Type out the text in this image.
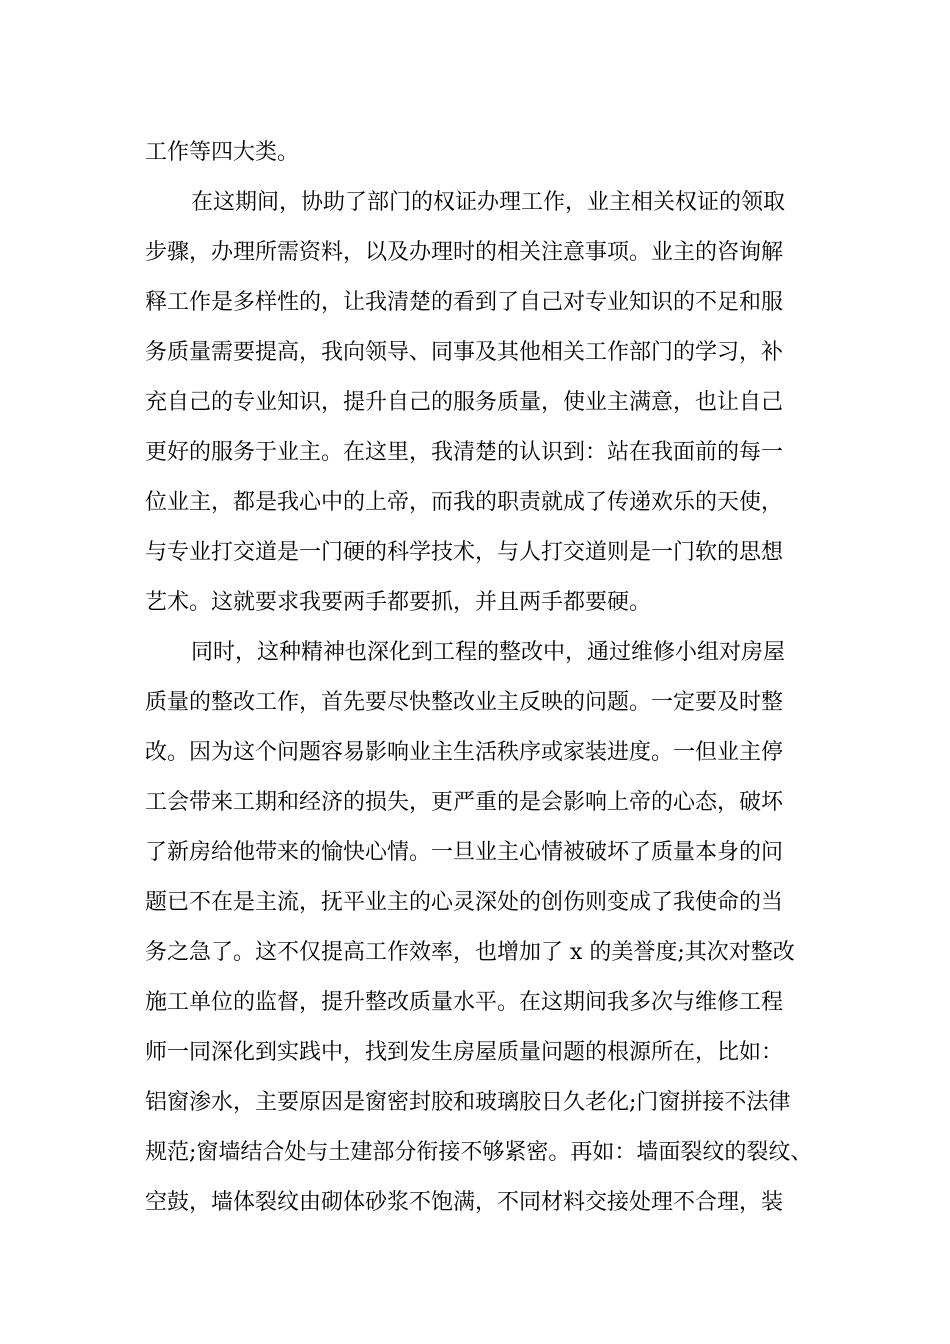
工作等四大类。
在这期间，协助了部门的权证办理工作，业主相关权证的领取
步骤，办理所需资料，以及办理时的相关注意事项。业主的咨询解
释工作是多样性的，让我清楚的看到了自己对专业知识的不足和服
务质量需要提高，我向领导、同事及其他相关工作部门的学习，补
充自己的专业知识，提升自己的服务质量，使业主满意，也让自己
更好的服务于业主。在这里，我清楚的认识到：站在我面前的每一
位业主，都是我心中的上帝，而我的职责就成了传递欢乐的天使，
与专业打交道是一门硬的科学技术，与人打交道则是一门软的思想
艺术。这就要求我要两手都要抓，并且两手都要硬。
同时，这种精神也深化到工程的整改中，通过维修小组对房屋
质量的整改工作，首先要尽快整改业主反映的问题。一定要及时整
改。因为这个问题容易影响业主生活秩序或家装进度。一但业主停
工会带来工期和经济的损失，更严重的是会影响上帝的心态，破坏
了新房给他带来的愉快心情。一旦业主心情被破坏了质量本身的问
题已不在是主流，抚平业主的心灵深处的创伤则变成了我使命的当
务之急了。这不仅提高工作效率，也增加了 x 的美誉度;其次对整改
施工单位的监督，提升整改质量水平。在这期间我多次与维修工程
师一同深化到实践中，找到发生房屋质量问题的根源所在，比如：
铝窗渗水，主要原因是窗密封胶和玻璃胶日久老化;门窗拼接不法律
规范;窗墙结合处与土建部分衔接不够紧密。再如：墙面裂纹的裂纹、
空鼓，墙体裂纹由砌体砂浆不饱满，不同材料交接处理不合理，装
